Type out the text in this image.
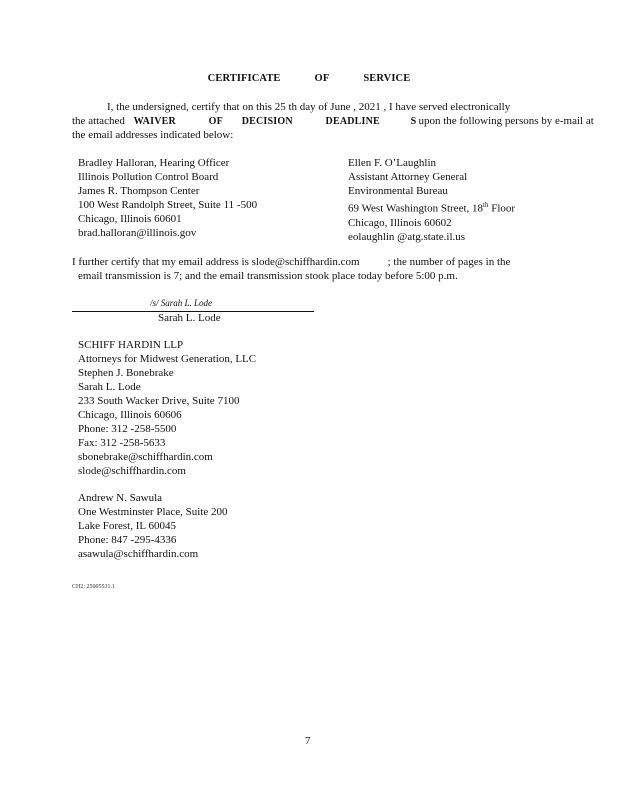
CERTIFICATE	OF	SERVICE
I, the undersigned, certify that on this 25 th day of June , 2021 , I have served electronically
the attached WAIVER	OF DECISION	DEADLINE	S upon the following persons by e-mail at
the email addresses indicated below:
Bradley Halloran, Hearing Officer
Illinois Pollution Control Board
James R. Thompson Center
100 West Randolph Street, Suite 11 -500
Chicago, Illinois 60601
brad.halloran@illinois.gov
Ellen F. O’Laughlin
Assistant Attorney General
Environmental Bureau
69 West Washington Street, 18th Floor
Chicago, Illinois 60602
eolaughlin @atg.state.il.us
I further certify that my email address is slode@schiffhardin.com	; the number of pages in the
email transmission is 7; and the email transmission stook place today before 5:00 p.m.
/s/ Sarah L. Lode
Sarah L. Lode
SCHIFF HARDIN LLP
Attorneys for Midwest Generation, LLC
Stephen J. Bonebrake
Sarah L. Lode
233 South Wacker Drive, Suite 7100
Chicago, Illinois 60606
Phone: 312 -258-5500
Fax: 312 -258-5633
sbonebrake@schiffhardin.com
slode@schiffhardin.com
Andrew N. Sawula
One Westminster Place, Suite 200
Lake Forest, IL 60045
Phone: 847 -295-4336
asawula@schiffhardin.com
CH2: 25005531.1
7
